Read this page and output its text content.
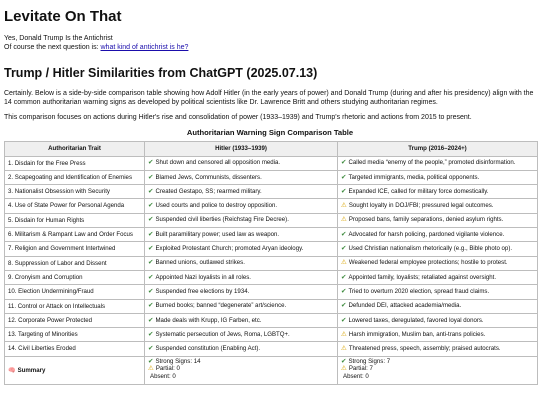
Levitate On That
Yes, Donald Trump Is the Antichrist
Of course the next question is: what kind of antichrist is he?
Trump / Hitler Similarities from ChatGPT (2025.07.13)

Certainly. Below is a side-by-side comparison table showing how Adolf Hitler (in the early years of power) and Donald Trump (during and after his presidency) align with the 14 common authoritarian warning signs as developed by political scientists like Dr. Lawrence Britt and others studying authoritarian regimes.

This comparison focuses on actions during Hitler's rise and consolidation of power (1933–1939) and Trump's rhetoric and actions from 2015 to present.

Authoritarian Warning Sign Comparison Table
Authoritarian Trait	Hitler (1933–1939)	Trump (2016–2024+)
1. Disdain for the Free Press	✔ Shut down and censored all opposition media.	✔ Called media “enemy of the people,” promoted disinformation.
2. Scapegoating and Identification of Enemies	✔ Blamed Jews, Communists, dissenters.	✔ Targeted immigrants, media, political opponents.
3. Nationalist Obsession with Security	✔ Created Gestapo, SS; rearmed military.	✔ Expanded ICE, called for military force domestically.
4. Use of State Power for Personal Agenda	✔ Used courts and police to destroy opposition.	⚠ Sought loyalty in DOJ/FBI; pressured legal outcomes.
5. Disdain for Human Rights	✔ Suspended civil liberties (Reichstag Fire Decree).	⚠ Proposed bans, family separations, denied asylum rights.
6. Militarism & Rampant Law and Order Focus	✔ Built paramilitary power; used law as weapon.	✔ Advocated for harsh policing, pardoned vigilante violence.
7. Religion and Government Intertwined	✔ Exploited Protestant Church; promoted Aryan ideology.	✔ Used Christian nationalism rhetorically (e.g., Bible photo op).
8. Suppression of Labor and Dissent	✔ Banned unions, outlawed strikes.	⚠ Weakened federal employee protections; hostile to protest.
9. Cronyism and Corruption	✔ Appointed Nazi loyalists in all roles.	✔ Appointed family, loyalists; retaliated against oversight.
10. Election Undermining/Fraud	✔ Suspended free elections by 1934.	✔ Tried to overturn 2020 election, spread fraud claims.
11. Control or Attack on Intellectuals	✔ Burned books; banned “degenerate” art/science.	✔ Defunded DEI, attacked academia/media.
12. Corporate Power Protected	✔ Made deals with Krupp, IG Farben, etc.	✔ Lowered taxes, deregulated, favored loyal donors.
13. Targeting of Minorities	✔ Systematic persecution of Jews, Roma, LGBTQ+.	⚠ Harsh immigration, Muslim ban, anti-trans policies.
14. Civil Liberties Eroded	✔ Suspended constitution (Enabling Act).	⚠ Threatened press, speech, assembly; praised autocrats.
🧠 Summary	✔ Strong Signs: 14
⚠ Partial: 0
Absent: 0	✔ Strong Signs: 7
⚠ Partial: 7
Absent: 0
